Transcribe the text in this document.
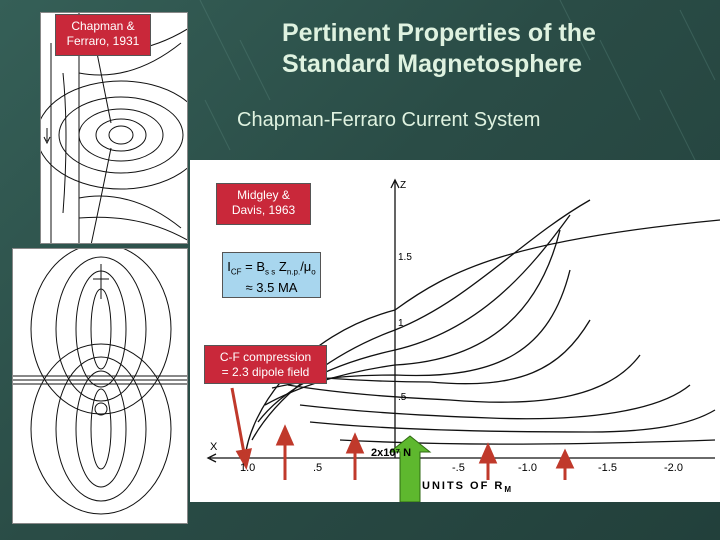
Pertinent Properties of the
Standard Magnetosphere
Chapman-Ferraro Current System
Chapman &
Ferraro, 1931
Z
X
1.5
1
.5
1.0	.5	-.5	-1.0	-1.5	-2.0
UNITS OF $R_M$
Midgley &
Davis, 1963
$I_{CF} = B_{s s}$ $Z_{n.p.}/\mu_o$
≈ 3.5 MA
C-F compression
= 2.3 dipole field
2x10⁷ N
